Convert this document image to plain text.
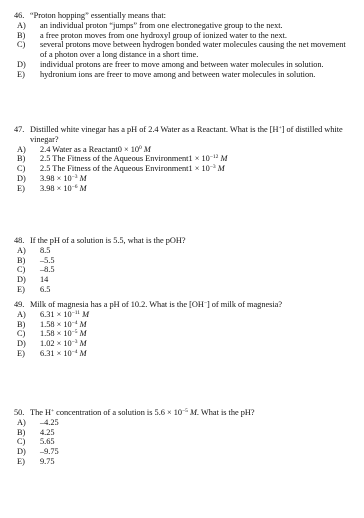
46. “Proton hopping” essentially means that:
A) an individual proton “jumps” from one electronegative group to the next.
B) a free proton moves from one hydroxyl group of ionized water to the next.
C) several protons move between hydrogen bonded water molecules causing the net movement of a photon over a long distance in a short time.
D) individual protons are freer to move among and between water molecules in solution.
E) hydronium ions are freer to move among and between water molecules in solution.
47. Distilled white vinegar has a pH of 2.4 Water as a Reactant. What is the [H+] of distilled white vinegar?
A) 2.4 Water as a Reactant0 × $10^0$ M
B) 2.5 The Fitness of the Aqueous Environment1 × $10^{-12}$ M
C) 2.5 The Fitness of the Aqueous Environment1 × $10^{-3}$ M
D) $3.98 \times 10^{-3}$ M
E) $3.98 \times 10^{-6}$ M
48. If the pH of a solution is 5.5, what is the pOH?
A) 8.5
B) –5.5
C) –8.5
D) 14
E) 6.5
49. Milk of magnesia has a pH of 10.2. What is the [OH−] of milk of magnesia?
A) $6.31 \times 10^{-11}$ M
B) $1.58 \times 10^{-4}$ M
C) $1.58 \times 10^{-5}$ M
D) $1.02 \times 10^{-3}$ M
E) $6.31 \times 10^{-4}$ M
50. The H+ concentration of a solution is $5.6 \times 10^{-5}$ M. What is the pH?
A) –4.25
B) 4.25
C) 5.65
D) –9.75
E) 9.75
